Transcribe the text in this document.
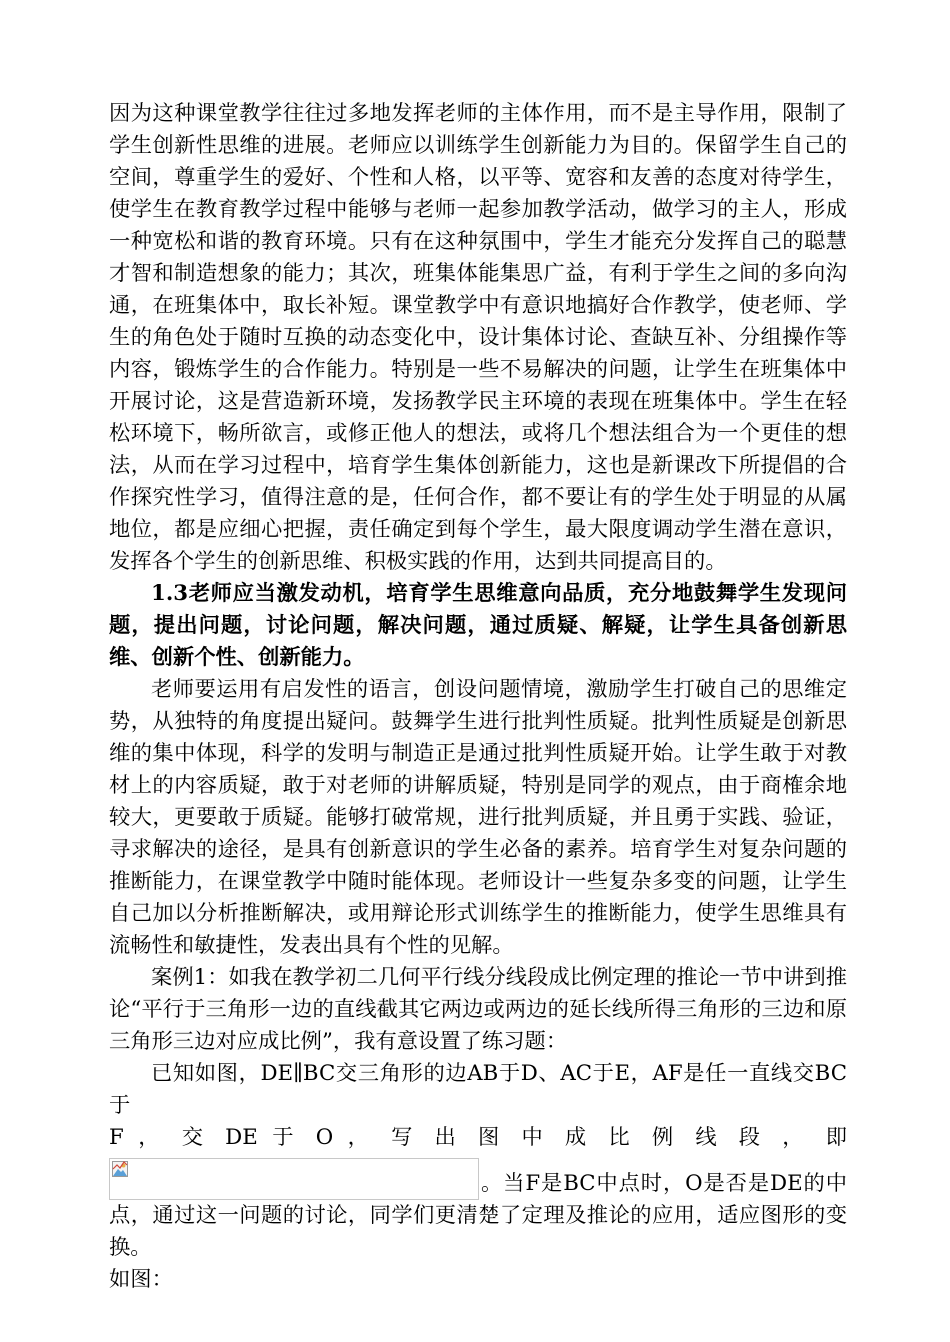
因为这种课堂教学往往过多地发挥老师的主体作用，而不是主导作用，限制了学生创新性思维的进展。老师应以训练学生创新能力为目的。保留学生自己的空间，尊重学生的爱好、个性和人格，以平等、宽容和友善的态度对待学生，使学生在教育教学过程中能够与老师一起参加教学活动，做学习的主人，形成一种宽松和谐的教育环境。只有在这种氛围中，学生才能充分发挥自己的聪慧才智和制造想象的能力；其次，班集体能集思广益，有利于学生之间的多向沟通，在班集体中，取长补短。课堂教学中有意识地搞好合作教学，使老师、学生的角色处于随时互换的动态变化中，设计集体讨论、查缺互补、分组操作等内容，锻炼学生的合作能力。特别是一些不易解决的问题，让学生在班集体中开展讨论，这是营造新环境，发扬教学民主环境的表现在班集体中。学生在轻松环境下，畅所欲言，或修正他人的想法，或将几个想法组合为一个更佳的想法，从而在学习过程中，培育学生集体创新能力，这也是新课改下所提倡的合作探究性学习，值得注意的是，任何合作，都不要让有的学生处于明显的从属地位，都是应细心把握，责任确定到每个学生，最大限度调动学生潜在意识，发挥各个学生的创新思维、积极实践的作用，达到共同提高目的。

1.3老师应当激发动机，培育学生思维意向品质，充分地鼓舞学生发现问题，提出问题，讨论问题，解决问题，通过质疑、解疑，让学生具备创新思维、创新个性、创新能力。

老师要运用有启发性的语言，创设问题情境，激励学生打破自己的思维定势，从独特的角度提出疑问。鼓舞学生进行批判性质疑。批判性质疑是创新思维的集中体现，科学的发明与制造正是通过批判性质疑开始。让学生敢于对教材上的内容质疑，敢于对老师的讲解质疑，特别是同学的观点，由于商榷余地较大，更要敢于质疑。能够打破常规，进行批判质疑，并且勇于实践、验证，寻求解决的途径，是具有创新意识的学生必备的素养。培育学生对复杂问题的推断能力，在课堂教学中随时能体现。老师设计一些复杂多变的问题，让学生自己加以分析推断解决，或用辩论形式训练学生的推断能力，使学生思维具有流畅性和敏捷性，发表出具有个性的见解。

案例1：如我在教学初二几何平行线分线段成比例定理的推论一节中讲到推论“平行于三角形一边的直线截其它两边或两边的延长线所得三角形的三边和原三角形三边对应成比例”，我有意设置了练习题：

已知如图，DE∥BC交三角形的边AB于D、AC于E，AF是任一直线交BC于

F ， 交 DE 于 O ， 写 出 图 中 成 比 例 线 段 ， 即

。当F是BC中点时，O是否是DE的中

点，通过这一问题的讨论，同学们更清楚了定理及推论的应用，适应图形的变换。

如图：
